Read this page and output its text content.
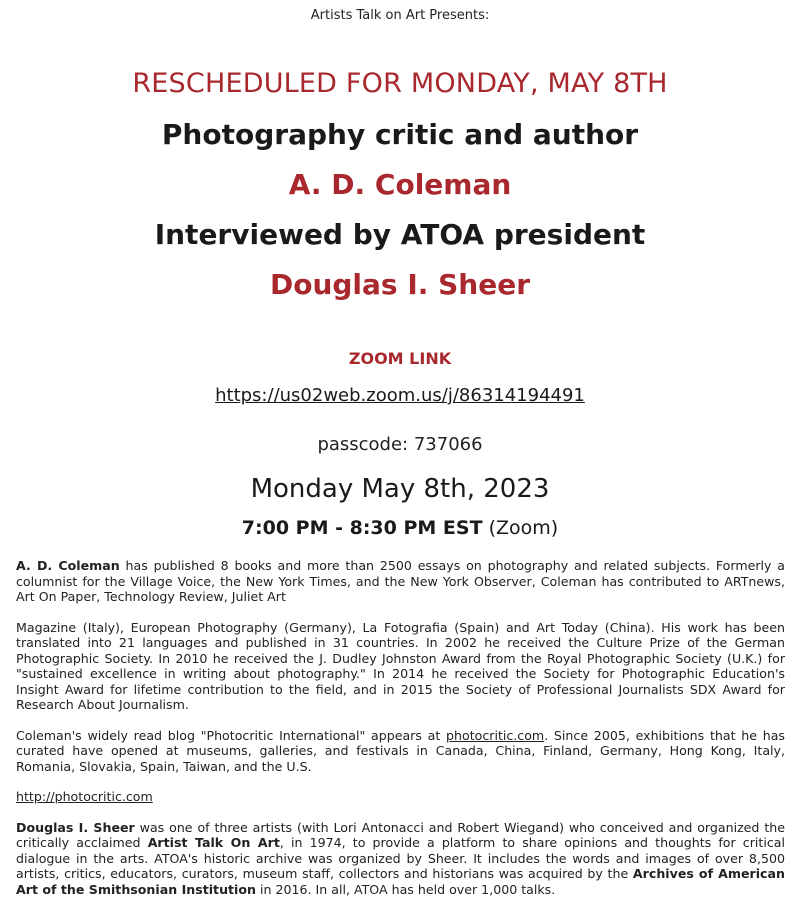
Artists Talk on Art Presents:
RESCHEDULED FOR MONDAY, MAY 8TH
Photography critic and author
A. D. Coleman
Interviewed by ATOA president
Douglas I. Sheer
ZOOM LINK
https://us02web.zoom.us/j/86314194491
passcode: 737066
Monday May 8th, 2023
7:00 PM - 8:30 PM EST (Zoom)

A. D. Coleman has published 8 books and more than 2500 essays on photography and related subjects. Formerly a columnist for the Village Voice, the New York Times, and the New York Observer, Coleman has contributed to ARTnews, Art On Paper, Technology Review, Juliet Art

Magazine (Italy), European Photography (Germany), La Fotografia (Spain) and Art Today (China). His work has been translated into 21 languages and published in 31 countries. In 2002 he received the Culture Prize of the German Photographic Society. In 2010 he received the J. Dudley Johnston Award from the Royal Photographic Society (U.K.) for "sustained excellence in writing about photography." In 2014 he received the Society for Photographic Education's Insight Award for lifetime contribution to the field, and in 2015 the Society of Professional Journalists SDX Award for Research About Journalism.

Coleman's widely read blog "Photocritic International" appears at photocritic.com. Since 2005, exhibitions that he has curated have opened at museums, galleries, and festivals in Canada, China, Finland, Germany, Hong Kong, Italy, Romania, Slovakia, Spain, Taiwan, and the U.S.

http://photocritic.com

Douglas I. Sheer was one of three artists (with Lori Antonacci and Robert Wiegand) who conceived and organized the critically acclaimed Artist Talk On Art, in 1974, to provide a platform to share opinions and thoughts for critical dialogue in the arts. ATOA's historic archive was organized by Sheer. It includes the words and images of over 8,500 artists, critics, educators, curators, museum staff, collectors and historians was acquired by the Archives of American Art of the Smithsonian Institution in 2016. In all, ATOA has held over 1,000 talks.
